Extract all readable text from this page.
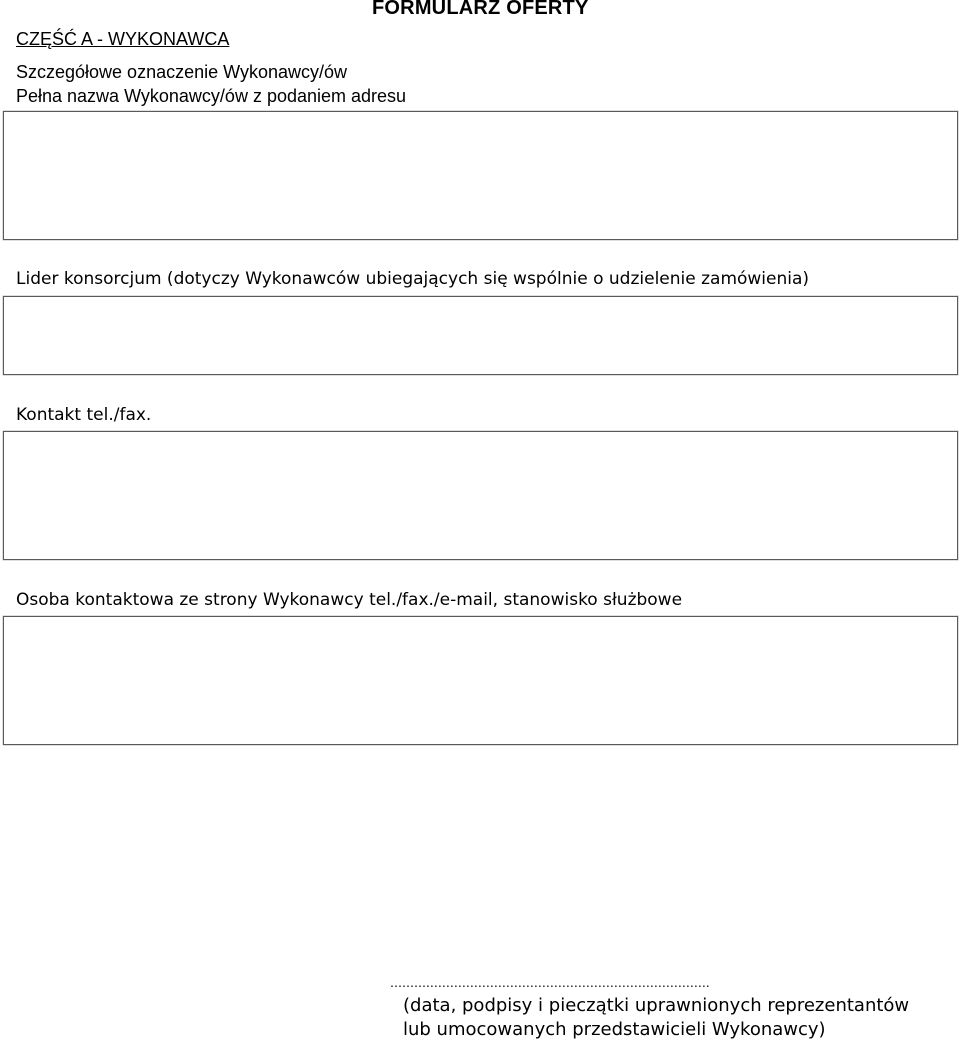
FORMULARZ OFERTY
CZĘŚĆ A - WYKONAWCA
Szczegółowe oznaczenie Wykonawcy/ów
Pełna nazwa Wykonawcy/ów z podaniem adresu
Lider konsorcjum (dotyczy Wykonawców ubiegających się wspólnie o udzielenie zamówienia)
Kontakt tel./fax.
Osoba kontaktowa ze strony Wykonawcy tel./fax./e-mail, stanowisko służbowe
……….…………………………………………………………….
(data, podpisy i pieczątki uprawnionych reprezentantów
lub umocowanych przedstawicieli Wykonawcy)
